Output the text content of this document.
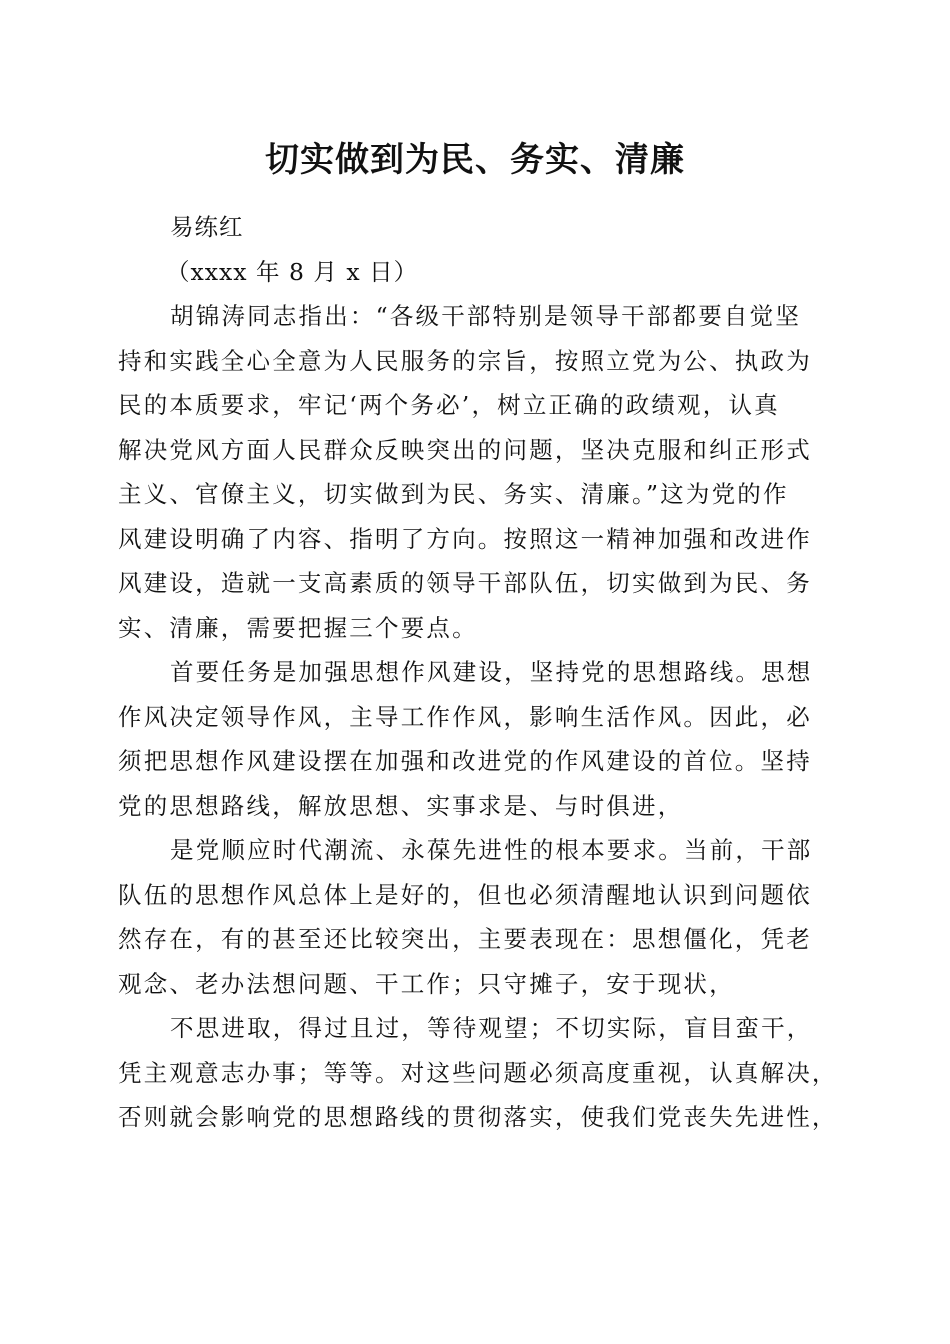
切实做到为民、务实、清廉
易练红
（xxxx 年 8 月 x 日）
胡锦涛同志指出：“各级干部特别是领导干部都要自觉坚
持和实践全心全意为人民服务的宗旨，按照立党为公、执政为
民的本质要求，牢记‘两个务必’，树立正确的政绩观，认真
解决党风方面人民群众反映突出的问题，坚决克服和纠正形式
主义、官僚主义，切实做到为民、务实、清廉。”这为党的作
风建设明确了内容、指明了方向。按照这一精神加强和改进作
风建设，造就一支高素质的领导干部队伍，切实做到为民、务
实、清廉，需要把握三个要点。
首要任务是加强思想作风建设，坚持党的思想路线。思想
作风决定领导作风，主导工作作风，影响生活作风。因此，必
须把思想作风建设摆在加强和改进党的作风建设的首位。坚持
党的思想路线，解放思想、实事求是、与时俱进，
是党顺应时代潮流、永葆先进性的根本要求。当前，干部
队伍的思想作风总体上是好的，但也必须清醒地认识到问题依
然存在，有的甚至还比较突出，主要表现在：思想僵化，凭老
观念、老办法想问题、干工作；只守摊子，安于现状，
不思进取，得过且过，等待观望；不切实际，盲目蛮干，
凭主观意志办事；等等。对这些问题必须高度重视，认真解决，
否则就会影响党的思想路线的贯彻落实，使我们党丧失先进性，
